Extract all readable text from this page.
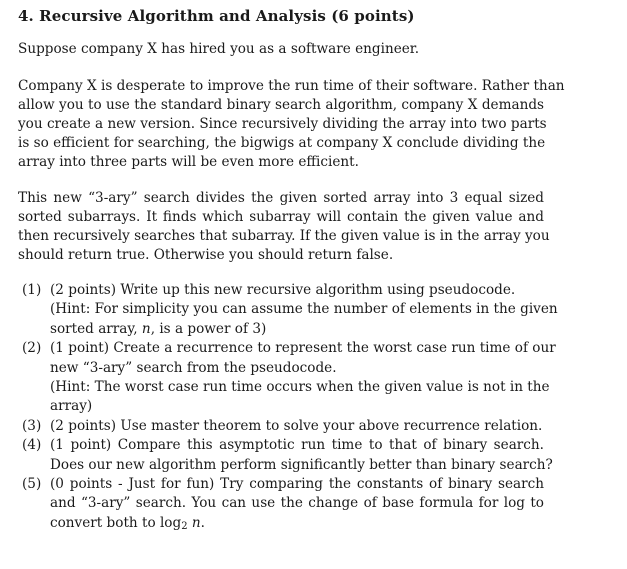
4. Recursive Algorithm and Analysis (6 points)
Suppose company X has hired you as a software engineer.
Company X is desperate to improve the run time of their software. Rather than
allow you to use the standard binary search algorithm, company X demands
you create a new version. Since recursively dividing the array into two parts
is so efficient for searching, the bigwigs at company X conclude dividing the
array into three parts will be even more efficient.
This new “3-ary” search divides the given sorted array into 3 equal sized
sorted subarrays. It finds which subarray will contain the given value and
then recursively searches that subarray. If the given value is in the array you
should return true. Otherwise you should return false.
(1) (2 points) Write up this new recursive algorithm using pseudocode.
(Hint: For simplicity you can assume the number of elements in the given
sorted array, n, is a power of 3)
(2) (1 point) Create a recurrence to represent the worst case run time of our
new “3-ary” search from the pseudocode.
(Hint: The worst case run time occurs when the given value is not in the
array)
(3) (2 points) Use master theorem to solve your above recurrence relation.
(4) (1 point) Compare this asymptotic run time to that of binary search.
Does our new algorithm perform significantly better than binary search?
(5) (0 points - Just for fun) Try comparing the constants of binary search
and “3-ary” search. You can use the change of base formula for log to
convert both to $\log_2 n$.
